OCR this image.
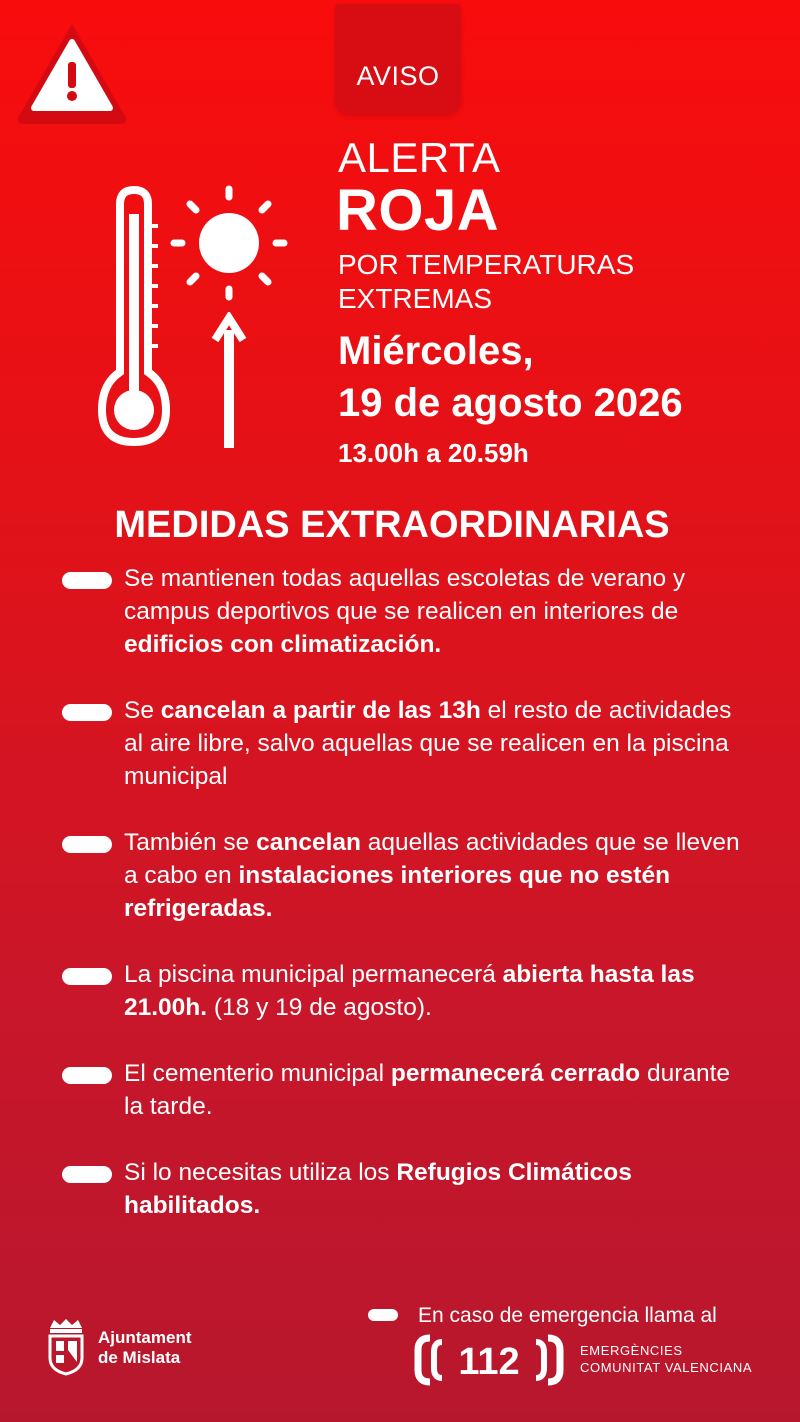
AVISO
ALERTA
ROJA
POR TEMPERATURAS
EXTREMAS
Miércoles,
19 de agosto 2026
13.00h a 20.59h
MEDIDAS EXTRAORDINARIAS
Se mantienen todas aquellas escoletas de verano y campus deportivos que se realicen en interiores de edificios con climatización.
Se cancelan a partir de las 13h el resto de actividades al aire libre, salvo aquellas que se realicen en la piscina municipal
También se cancelan aquellas actividades que se lleven a cabo en instalaciones interiores que no estén refrigeradas.
La piscina municipal permanecerá abierta hasta las 21.00h. (18 y 19 de agosto).
El cementerio municipal permanecerá cerrado durante la tarde.
Si lo necesitas utiliza los Refugios Climáticos habilitados.
Ajuntament
de Mislata
En caso de emergencia llama al
112	EMERGÈNCIES
COMUNITAT VALENCIANA
